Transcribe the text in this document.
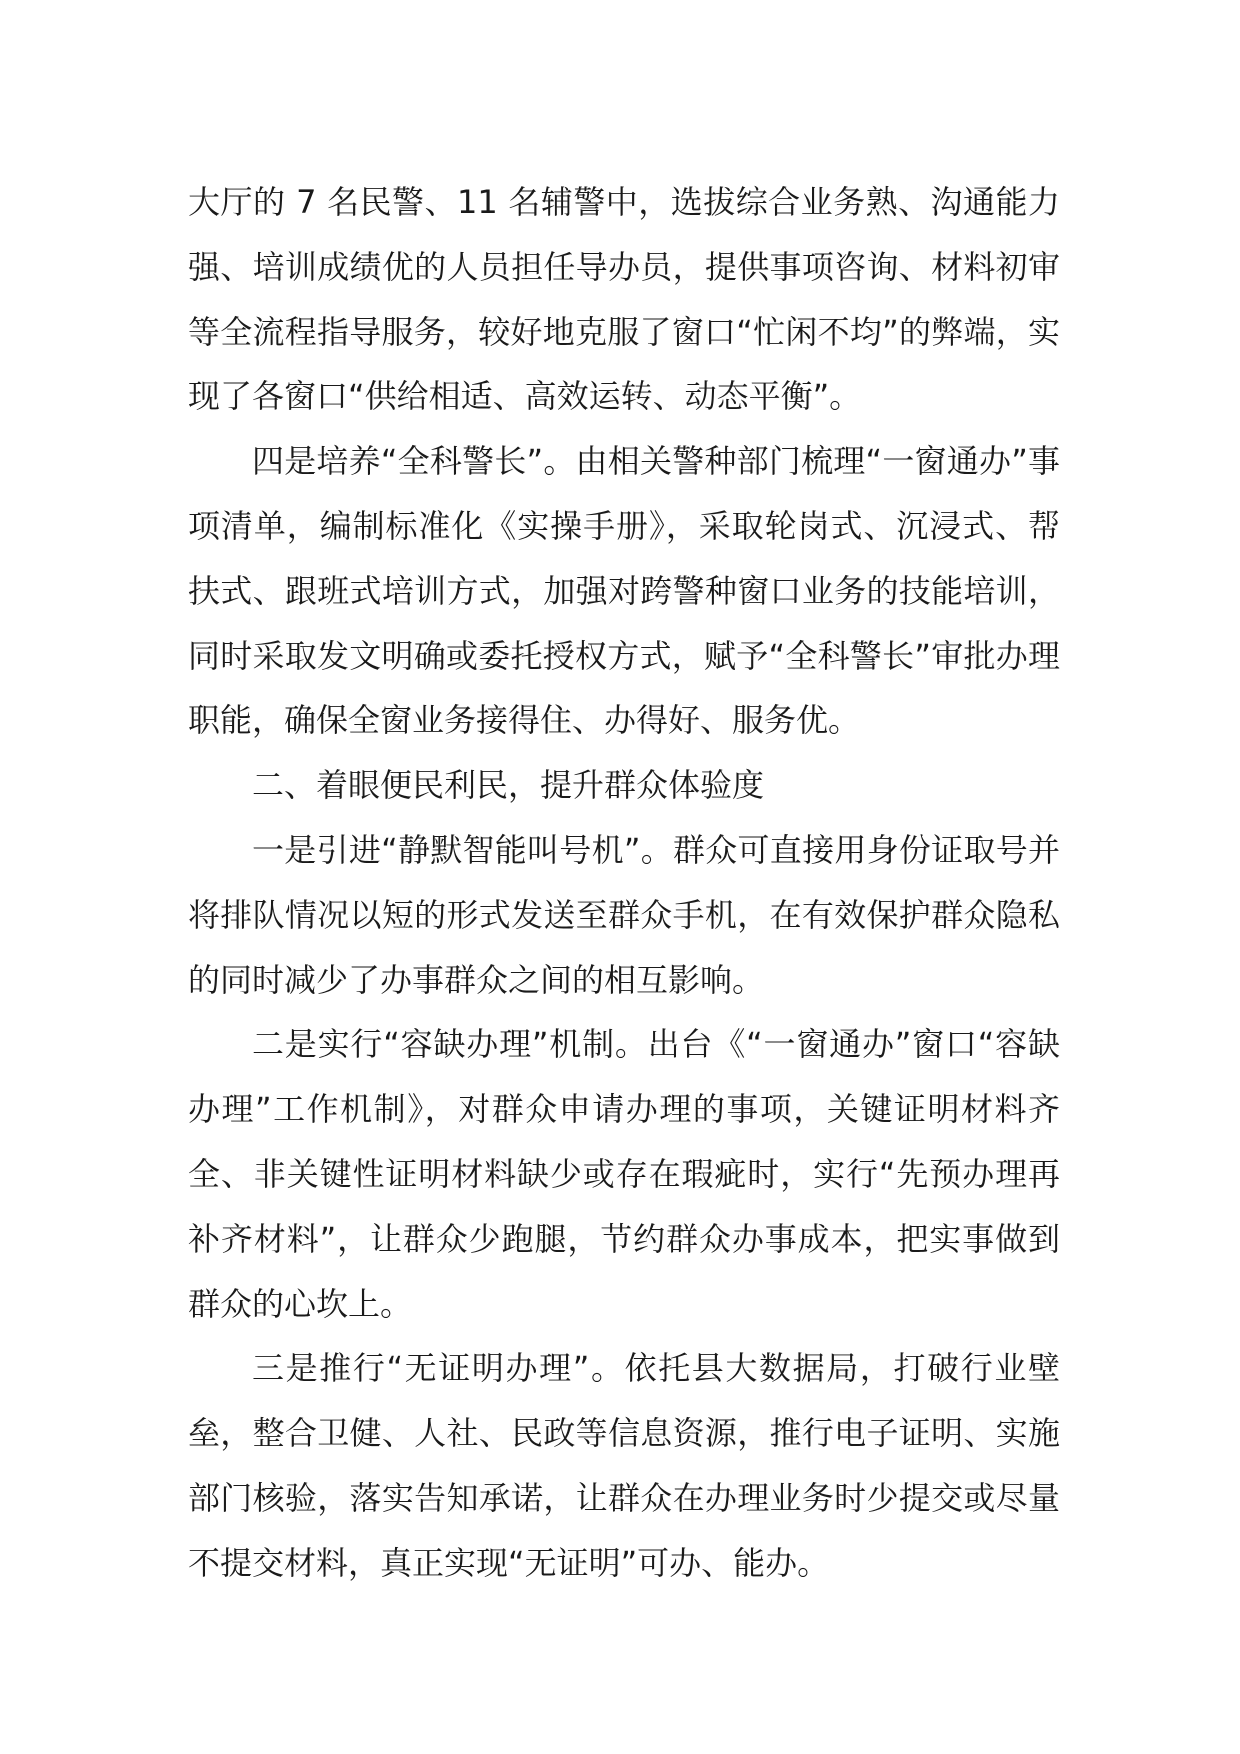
大厅的 7 名民警、11 名辅警中，选拔综合业务熟、沟通能力强、培训成绩优的人员担任导办员，提供事项咨询、材料初审等全流程指导服务，较好地克服了窗口“忙闲不均”的弊端，实现了各窗口“供给相适、高效运转、动态平衡”。

四是培养“全科警长”。由相关警种部门梳理“一窗通办”事项清单，编制标准化《实操手册》，采取轮岗式、沉浸式、帮扶式、跟班式培训方式，加强对跨警种窗口业务的技能培训，同时采取发文明确或委托授权方式，赋予“全科警长”审批办理职能，确保全窗业务接得住、办得好、服务优。

二、着眼便民利民，提升群众体验度

一是引进“静默智能叫号机”。群众可直接用身份证取号并将排队情况以短的形式发送至群众手机，在有效保护群众隐私的同时减少了办事群众之间的相互影响。

二是实行“容缺办理”机制。出台《“一窗通办”窗口“容缺办理”工作机制》，对群众申请办理的事项，关键证明材料齐全、非关键性证明材料缺少或存在瑕疵时，实行“先预办理再补齐材料”，让群众少跑腿，节约群众办事成本，把实事做到群众的心坎上。

三是推行“无证明办理”。依托县大数据局，打破行业壁垒，整合卫健、人社、民政等信息资源，推行电子证明、实施部门核验，落实告知承诺，让群众在办理业务时少提交或尽量不提交材料，真正实现“无证明”可办、能办。
